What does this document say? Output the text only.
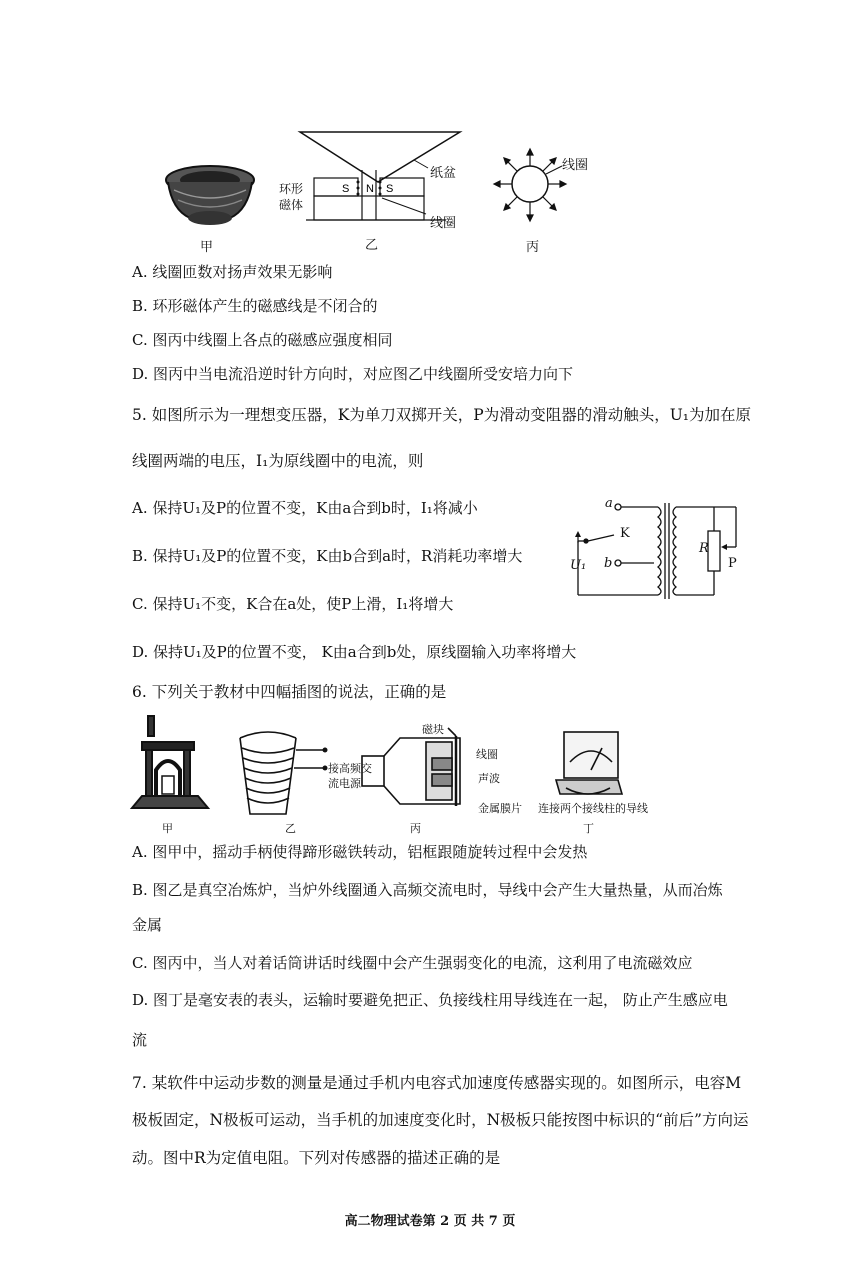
甲
S N S
纸盆
环形
磁体
线圈
乙
线圈
丙
A. 线圈匝数对扬声效果无影响
B. 环形磁体产生的磁感线是不闭合的
C. 图丙中线圈上各点的磁感应强度相同
D. 图丙中当电流沿逆时针方向时，对应图乙中线圈所受安培力向下
5. 如图所示为一理想变压器，K为单刀双掷开关，P为滑动变阻器的滑动触头，U₁为加在原
线圈两端的电压，I₁为原线圈中的电流，则
A. 保持U₁及P的位置不变，K由a合到b时，I₁将减小
B. 保持U₁及P的位置不变，K由b合到a时，R消耗功率增大
C. 保持U₁不变，K合在a处，使P上滑，I₁将增大
D. 保持U₁及P的位置不变， K由a合到b处，原线圈输入功率将增大
a
K
b
U₁
R
P
6. 下列关于教材中四幅插图的说法，正确的是
甲
接高频交
流电源
乙
磁块
线圈
声波
金属膜片
丙
连接两个接线柱的导线
丁
A. 图甲中，摇动手柄使得蹄形磁铁转动，铝框跟随旋转过程中会发热
B. 图乙是真空冶炼炉，当炉外线圈通入高频交流电时，导线中会产生大量热量，从而冶炼
金属
C. 图丙中，当人对着话筒讲话时线圈中会产生强弱变化的电流，这利用了电流磁效应
D. 图丁是毫安表的表头，运输时要避免把正、负接线柱用导线连在一起， 防止产生感应电
流
7. 某软件中运动步数的测量是通过手机内电容式加速度传感器实现的。如图所示，电容M
极板固定，N极板可运动，当手机的加速度变化时，N极板只能按图中标识的“前后”方向运
动。图中R为定值电阻。下列对传感器的描述正确的是
高二物理试卷第 2 页 共 7 页
